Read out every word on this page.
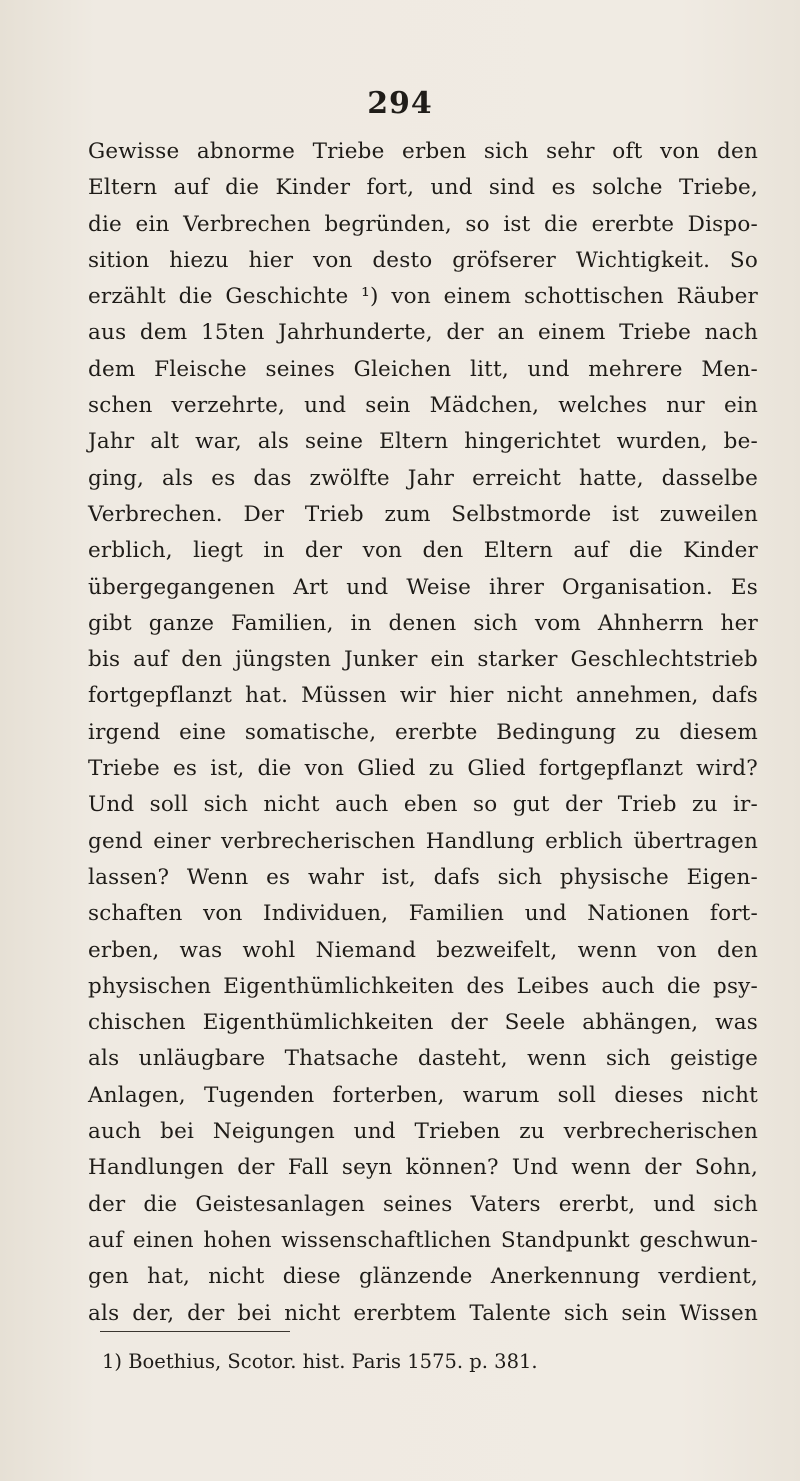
294
Gewisse abnorme Triebe erben sich sehr oft von den
Eltern auf die Kinder fort, und sind es solche Triebe,
die ein Verbrechen begründen, so ist die ererbte Dispo-
sition hiezu hier von desto gröfserer Wichtigkeit. So
erzählt die Geschichte ¹) von einem schottischen Räuber
aus dem 15ten Jahrhunderte, der an einem Triebe nach
dem Fleische seines Gleichen litt, und mehrere Men-
schen verzehrte, und sein Mädchen, welches nur ein
Jahr alt war, als seine Eltern hingerichtet wurden, be-
ging, als es das zwölfte Jahr erreicht hatte, dasselbe
Verbrechen. Der Trieb zum Selbstmorde ist zuweilen
erblich, liegt in der von den Eltern auf die Kinder
übergegangenen Art und Weise ihrer Organisation. Es
gibt ganze Familien, in denen sich vom Ahnherrn her
bis auf den jüngsten Junker ein starker Geschlechtstrieb
fortgepflanzt hat. Müssen wir hier nicht annehmen, dafs
irgend eine somatische, ererbte Bedingung zu diesem
Triebe es ist, die von Glied zu Glied fortgepflanzt wird?
Und soll sich nicht auch eben so gut der Trieb zu ir-
gend einer verbrecherischen Handlung erblich übertragen
lassen? Wenn es wahr ist, dafs sich physische Eigen-
schaften von Individuen, Familien und Nationen fort-
erben, was wohl Niemand bezweifelt, wenn von den
physischen Eigenthümlichkeiten des Leibes auch die psy-
chischen Eigenthümlichkeiten der Seele abhängen, was
als unläugbare Thatsache dasteht, wenn sich geistige
Anlagen, Tugenden forterben, warum soll dieses nicht
auch bei Neigungen und Trieben zu verbrecherischen
Handlungen der Fall seyn können? Und wenn der Sohn,
der die Geistesanlagen seines Vaters ererbt, und sich
auf einen hohen wissenschaftlichen Standpunkt geschwun-
gen hat, nicht diese glänzende Anerkennung verdient,
als der, der bei nicht ererbtem Talente sich sein Wissen
1) Boethius, Scotor. hist. Paris 1575. p. 381.
